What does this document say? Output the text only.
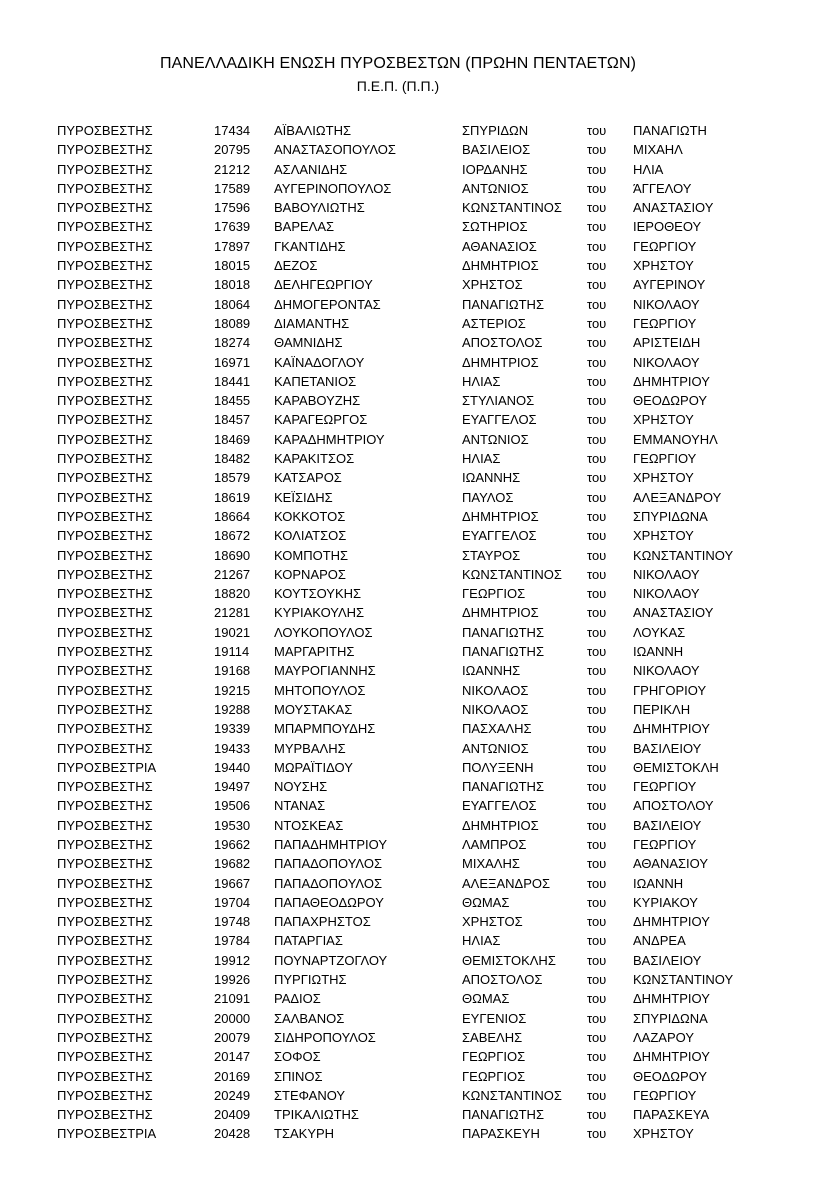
ΠΑΝΕΛΛΑΔΙΚΗ ΕΝΩΣΗ ΠΥΡΟΣΒΕΣΤΩΝ (ΠΡΩΗΝ ΠΕΝΤΑΕΤΩΝ)
Π.Ε.Π. (Π.Π.)
ΠΥΡΟΣΒΕΣΤΗΣ	17434 ΑΪΒΑΛΙΩΤΗΣ	ΣΠΥΡΙΔΩΝ	του ΠΑΝΑΓΙΩΤΗ
ΠΥΡΟΣΒΕΣΤΗΣ	20795 ΑΝΑΣΤΑΣΟΠΟΥΛΟΣ	ΒΑΣΙΛΕΙΟΣ	του ΜΙΧΑΗΛ
ΠΥΡΟΣΒΕΣΤΗΣ	21212 ΑΣΛΑΝΙΔΗΣ	ΙΟΡΔΑΝΗΣ	του ΗΛΙΑ
ΠΥΡΟΣΒΕΣΤΗΣ	17589 ΑΥΓΕΡΙΝΟΠΟΥΛΟΣ	ΑΝΤΩΝΙΟΣ	του ΆΓΓΕΛΟΥ
ΠΥΡΟΣΒΕΣΤΗΣ	17596 ΒΑΒΟΥΛΙΩΤΗΣ	ΚΩΝΣΤΑΝΤΙΝΟΣ του ΑΝΑΣΤΑΣΙΟΥ
ΠΥΡΟΣΒΕΣΤΗΣ	17639 ΒΑΡΕΛΑΣ	ΣΩΤΗΡΙΟΣ	του ΙΕΡΟΘΕΟΥ
ΠΥΡΟΣΒΕΣΤΗΣ	17897 ΓΚΑΝΤΙΔΗΣ	ΑΘΑΝΑΣΙΟΣ	του ΓΕΩΡΓΙΟΥ
ΠΥΡΟΣΒΕΣΤΗΣ	18015 ΔΕΖΟΣ	ΔΗΜΗΤΡΙΟΣ	του ΧΡΗΣΤΟΥ
ΠΥΡΟΣΒΕΣΤΗΣ	18018 ΔΕΛΗΓΕΩΡΓΙΟΥ	ΧΡΗΣΤΟΣ	του ΑΥΓΕΡΙΝΟΥ
ΠΥΡΟΣΒΕΣΤΗΣ	18064 ΔΗΜΟΓΕΡΟΝΤΑΣ	ΠΑΝΑΓΙΩΤΗΣ	του ΝΙΚΟΛΑΟΥ
ΠΥΡΟΣΒΕΣΤΗΣ	18089 ΔΙΑΜΑΝΤΗΣ	ΑΣΤΕΡΙΟΣ	του ΓΕΩΡΓΙΟΥ
ΠΥΡΟΣΒΕΣΤΗΣ	18274 ΘΑΜΝΙΔΗΣ	ΑΠΟΣΤΟΛΟΣ	του ΑΡΙΣΤΕΙΔΗ
ΠΥΡΟΣΒΕΣΤΗΣ	16971 ΚΑΪΝΑΔΟΓΛΟΥ	ΔΗΜΗΤΡΙΟΣ	του ΝΙΚΟΛΑΟΥ
ΠΥΡΟΣΒΕΣΤΗΣ	18441 ΚΑΠΕΤΑΝΙΟΣ	ΗΛΙΑΣ	του ΔΗΜΗΤΡΙΟΥ
ΠΥΡΟΣΒΕΣΤΗΣ	18455 ΚΑΡΑΒΟΥΖΗΣ	ΣΤΥΛΙΑΝΟΣ	του ΘΕΟΔΩΡΟΥ
ΠΥΡΟΣΒΕΣΤΗΣ	18457 ΚΑΡΑΓΕΩΡΓΟΣ	ΕΥΑΓΓΕΛΟΣ	του ΧΡΗΣΤΟΥ
ΠΥΡΟΣΒΕΣΤΗΣ	18469 ΚΑΡΑΔΗΜΗΤΡΙΟΥ	ΑΝΤΩΝΙΟΣ	του ΕΜΜΑΝΟΥΗΛ
ΠΥΡΟΣΒΕΣΤΗΣ	18482 ΚΑΡΑΚΙΤΣΟΣ	ΗΛΙΑΣ	του ΓΕΩΡΓΙΟΥ
ΠΥΡΟΣΒΕΣΤΗΣ	18579 ΚΑΤΣΑΡΟΣ	ΙΩΑΝΝΗΣ	του ΧΡΗΣΤΟΥ
ΠΥΡΟΣΒΕΣΤΗΣ	18619 ΚΕΪΣΙΔΗΣ	ΠΑΥΛΟΣ	του ΑΛΕΞΑΝΔΡΟΥ
ΠΥΡΟΣΒΕΣΤΗΣ	18664 ΚΟΚΚΟΤΟΣ	ΔΗΜΗΤΡΙΟΣ	του ΣΠΥΡΙΔΩΝΑ
ΠΥΡΟΣΒΕΣΤΗΣ	18672 ΚΟΛΙΑΤΣΟΣ	ΕΥΑΓΓΕΛΟΣ	του ΧΡΗΣΤΟΥ
ΠΥΡΟΣΒΕΣΤΗΣ	18690 ΚΟΜΠΟΤΗΣ	ΣΤΑΥΡΟΣ	του ΚΩΝΣΤΑΝΤΙΝΟΥ
ΠΥΡΟΣΒΕΣΤΗΣ	21267 ΚΟΡΝΑΡΟΣ	ΚΩΝΣΤΑΝΤΙΝΟΣ του ΝΙΚΟΛΑΟΥ
ΠΥΡΟΣΒΕΣΤΗΣ	18820 ΚΟΥΤΣΟΥΚΗΣ	ΓΕΩΡΓΙΟΣ	του ΝΙΚΟΛΑΟΥ
ΠΥΡΟΣΒΕΣΤΗΣ	21281 ΚΥΡΙΑΚΟΥΛΗΣ	ΔΗΜΗΤΡΙΟΣ	του ΑΝΑΣΤΑΣΙΟΥ
ΠΥΡΟΣΒΕΣΤΗΣ	19021 ΛΟΥΚΟΠΟΥΛΟΣ	ΠΑΝΑΓΙΩΤΗΣ	του ΛΟΥΚΑΣ
ΠΥΡΟΣΒΕΣΤΗΣ	19114 ΜΑΡΓΑΡΙΤΗΣ	ΠΑΝΑΓΙΩΤΗΣ	του ΙΩΑΝΝΗ
ΠΥΡΟΣΒΕΣΤΗΣ	19168 ΜΑΥΡΟΓΙΑΝΝΗΣ	ΙΩΑΝΝΗΣ	του ΝΙΚΟΛΑΟΥ
ΠΥΡΟΣΒΕΣΤΗΣ	19215 ΜΗΤΟΠΟΥΛΟΣ	ΝΙΚΟΛΑΟΣ	του ΓΡΗΓΟΡΙΟΥ
ΠΥΡΟΣΒΕΣΤΗΣ	19288 ΜΟΥΣΤΑΚΑΣ	ΝΙΚΟΛΑΟΣ	του ΠΕΡΙΚΛΗ
ΠΥΡΟΣΒΕΣΤΗΣ	19339 ΜΠΑΡΜΠΟΥΔΗΣ	ΠΑΣΧΑΛΗΣ	του ΔΗΜΗΤΡΙΟΥ
ΠΥΡΟΣΒΕΣΤΗΣ	19433 ΜΥΡΒΑΛΗΣ	ΑΝΤΩΝΙΟΣ	του ΒΑΣΙΛΕΙΟΥ
ΠΥΡΟΣΒΕΣΤΡΙΑ	19440 ΜΩΡΑΪΤΙΔΟΥ	ΠΟΛΥΞΕΝΗ	του ΘΕΜΙΣΤΟΚΛΗ
ΠΥΡΟΣΒΕΣΤΗΣ	19497 ΝΟΥΣΗΣ	ΠΑΝΑΓΙΩΤΗΣ	του ΓΕΩΡΓΙΟΥ
ΠΥΡΟΣΒΕΣΤΗΣ	19506 ΝΤΑΝΑΣ	ΕΥΑΓΓΕΛΟΣ	του ΑΠΟΣΤΟΛΟΥ
ΠΥΡΟΣΒΕΣΤΗΣ	19530 ΝΤΟΣΚΕΑΣ	ΔΗΜΗΤΡΙΟΣ	του ΒΑΣΙΛΕΙΟΥ
ΠΥΡΟΣΒΕΣΤΗΣ	19662 ΠΑΠΑΔΗΜΗΤΡΙΟΥ	ΛΑΜΠΡΟΣ	του ΓΕΩΡΓΙΟΥ
ΠΥΡΟΣΒΕΣΤΗΣ	19682 ΠΑΠΑΔΟΠΟΥΛΟΣ	ΜΙΧΑΛΗΣ	του ΑΘΑΝΑΣΙΟΥ
ΠΥΡΟΣΒΕΣΤΗΣ	19667 ΠΑΠΑΔΟΠΟΥΛΟΣ	ΑΛΕΞΑΝΔΡΟΣ	του ΙΩΑΝΝΗ
ΠΥΡΟΣΒΕΣΤΗΣ	19704 ΠΑΠΑΘΕΟΔΩΡΟΥ	ΘΩΜΑΣ	του ΚΥΡΙΑΚΟΥ
ΠΥΡΟΣΒΕΣΤΗΣ	19748 ΠΑΠΑΧΡΗΣΤΟΣ	ΧΡΗΣΤΟΣ	του ΔΗΜΗΤΡΙΟΥ
ΠΥΡΟΣΒΕΣΤΗΣ	19784 ΠΑΤΑΡΓΙΑΣ	ΗΛΙΑΣ	του ΑΝΔΡΕΑ
ΠΥΡΟΣΒΕΣΤΗΣ	19912 ΠΟΥΝΑΡΤΖΟΓΛΟΥ	ΘΕΜΙΣΤΟΚΛΗΣ του ΒΑΣΙΛΕΙΟΥ
ΠΥΡΟΣΒΕΣΤΗΣ	19926 ΠΥΡΓΙΩΤΗΣ	ΑΠΟΣΤΟΛΟΣ	του ΚΩΝΣΤΑΝΤΙΝΟΥ
ΠΥΡΟΣΒΕΣΤΗΣ	21091 ΡΑΔΙΟΣ	ΘΩΜΑΣ	του ΔΗΜΗΤΡΙΟΥ
ΠΥΡΟΣΒΕΣΤΗΣ	20000 ΣΑΛΒΑΝΟΣ	ΕΥΓΕΝΙΟΣ	του ΣΠΥΡΙΔΩΝΑ
ΠΥΡΟΣΒΕΣΤΗΣ	20079 ΣΙΔΗΡΟΠΟΥΛΟΣ	ΣΑΒΕΛΗΣ	του ΛΑΖΑΡΟΥ
ΠΥΡΟΣΒΕΣΤΗΣ	20147 ΣΟΦΟΣ	ΓΕΩΡΓΙΟΣ	του ΔΗΜΗΤΡΙΟΥ
ΠΥΡΟΣΒΕΣΤΗΣ	20169 ΣΠΙΝΟΣ	ΓΕΩΡΓΙΟΣ	του ΘΕΟΔΩΡΟΥ
ΠΥΡΟΣΒΕΣΤΗΣ	20249 ΣΤΕΦΑΝΟΥ	ΚΩΝΣΤΑΝΤΙΝΟΣ του ΓΕΩΡΓΙΟΥ
ΠΥΡΟΣΒΕΣΤΗΣ	20409 ΤΡΙΚΑΛΙΩΤΗΣ	ΠΑΝΑΓΙΩΤΗΣ	του ΠΑΡΑΣΚΕΥΑ
ΠΥΡΟΣΒΕΣΤΡΙΑ	20428 ΤΣΑΚΥΡΗ	ΠΑΡΑΣΚΕΥΗ	του ΧΡΗΣΤΟΥ
